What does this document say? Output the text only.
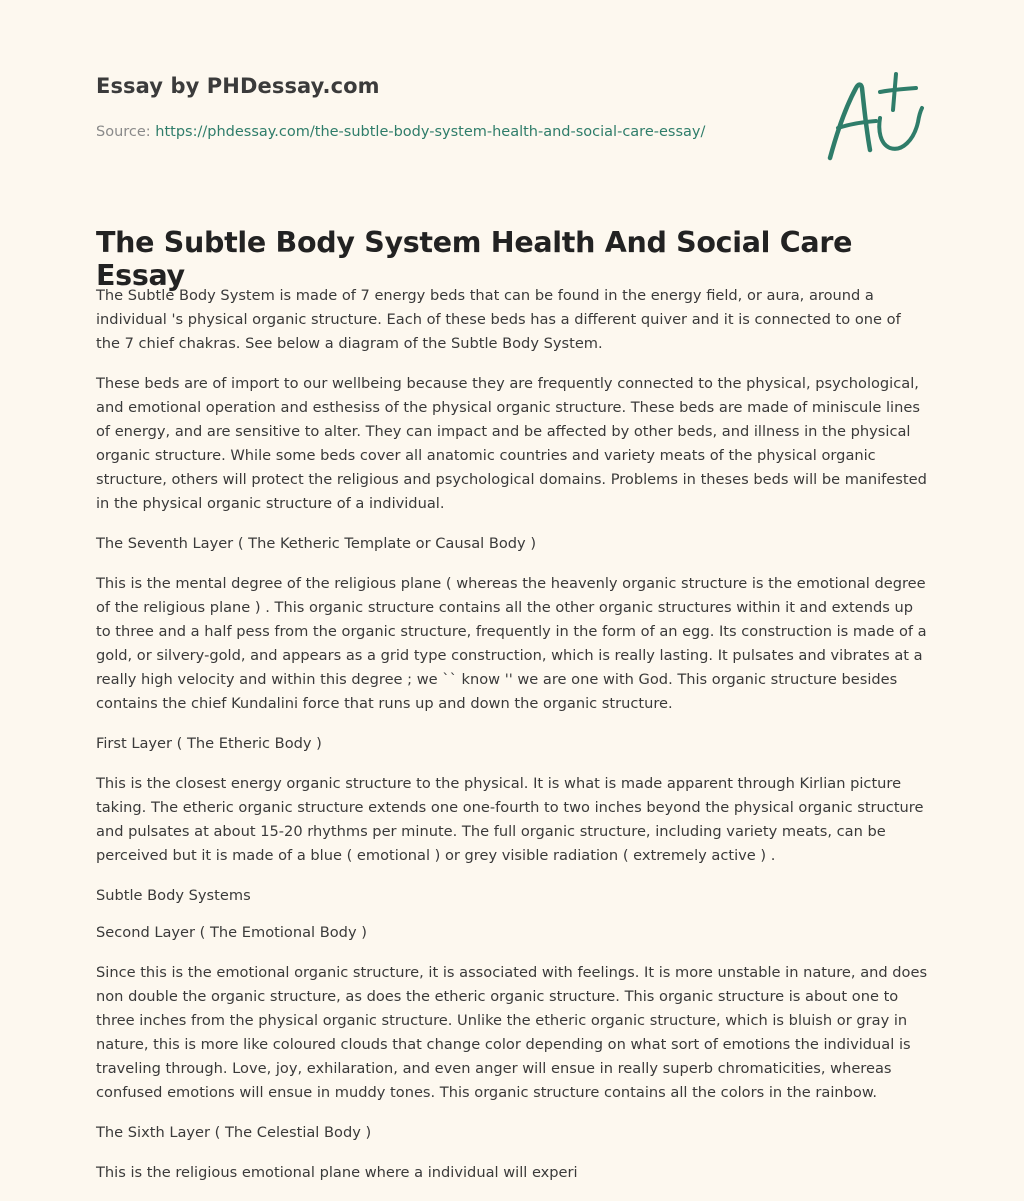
Essay by PHDessay.com

Source: https://phdessay.com/the-subtle-body-system-health-and-social-care-essay/
The Subtle Body System Health And Social Care Essay

The Subtle Body System is made of 7 energy beds that can be found in the energy field, or aura, around a individual 's physical organic structure. Each of these beds has a different quiver and it is connected to one of the 7 chief chakras. See below a diagram of the Subtle Body System.

These beds are of import to our wellbeing because they are frequently connected to the physical, psychological, and emotional operation and esthesiss of the physical organic structure. These beds are made of miniscule lines of energy, and are sensitive to alter. They can impact and be affected by other beds, and illness in the physical organic structure. While some beds cover all anatomic countries and variety meats of the physical organic structure, others will protect the religious and psychological domains. Problems in theses beds will be manifested in the physical organic structure of a individual.

The Seventh Layer ( The Ketheric Template or Causal Body )

This is the mental degree of the religious plane ( whereas the heavenly organic structure is the emotional degree of the religious plane ) . This organic structure contains all the other organic structures within it and extends up to three and a half pess from the organic structure, frequently in the form of an egg. Its construction is made of a gold, or silvery-gold, and appears as a grid type construction, which is really lasting. It pulsates and vibrates at a really high velocity and within this degree ; we `` know '' we are one with God. This organic structure besides contains the chief Kundalini force that runs up and down the organic structure.

First Layer ( The Etheric Body )

This is the closest energy organic structure to the physical. It is what is made apparent through Kirlian picture taking. The etheric organic structure extends one one-fourth to two inches beyond the physical organic structure and pulsates at about 15-20 rhythms per minute. The full organic structure, including variety meats, can be perceived but it is made of a blue ( emotional ) or grey visible radiation ( extremely active ) .

Subtle Body Systems

Second Layer ( The Emotional Body )

Since this is the emotional organic structure, it is associated with feelings. It is more unstable in nature, and does non double the organic structure, as does the etheric organic structure. This organic structure is about one to three inches from the physical organic structure. Unlike the etheric organic structure, which is bluish or gray in nature, this is more like coloured clouds that change color depending on what sort of emotions the individual is traveling through. Love, joy, exhilaration, and even anger will ensue in really superb chromaticities, whereas confused emotions will ensue in muddy tones. This organic structure contains all the colors in the rainbow.

The Sixth Layer ( The Celestial Body )

This is the religious emotional plane where a individual will experi
